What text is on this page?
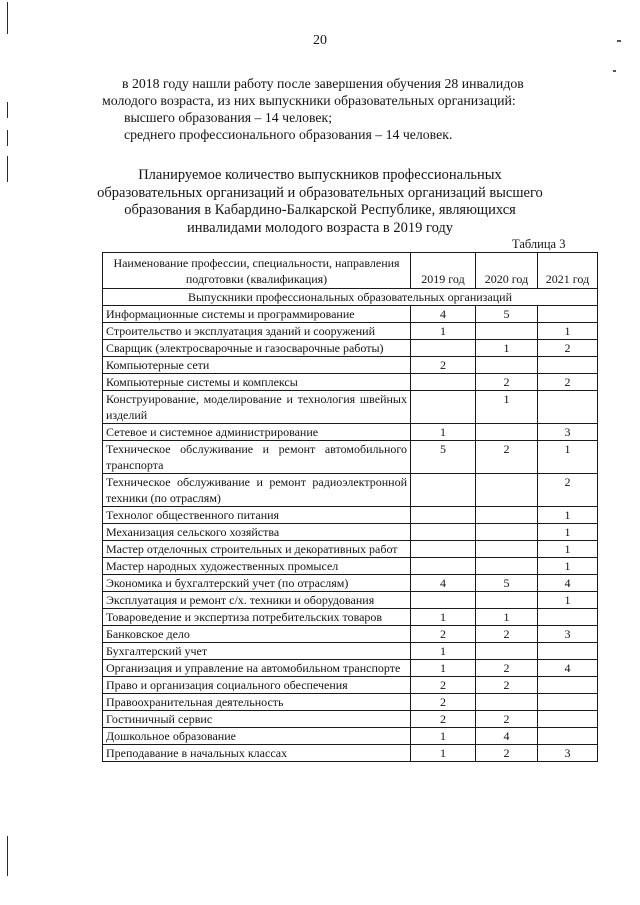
20

в 2018 году нашли работу после завершения обучения 28 инвалидов

молодого возраста, из них выпускники образовательных организаций:

высшего образования – 14 человек;

среднего профессионального образования – 14 человек.

Планируемое количество выпускников профессиональных
образовательных организаций и образовательных организаций высшего
образования в Кабардино-Балкарской Республике, являющихся
инвалидами молодого возраста в 2019 году
Таблица 3
Наименование профессии, специальности, направления подготовки (квалификация)	2019 год	2020 год	2021 год
Выпускники профессиональных образовательных организаций			
Информационные системы и программирование	4	5	
Строительство и эксплуатация зданий и сооружений	1		1
Сварщик (электросварочные и газосварочные работы)		1	2
Компьютерные сети	2		
Компьютерные системы и комплексы		2	2
Конструирование, моделирование и технология швейных изделий		1	
Сетевое и системное администрирование	1		3
Техническое обслуживание и ремонт автомобильного транспорта	5	2	1
Техническое обслуживание и ремонт радиоэлектронной техники (по отраслям)			2
Технолог общественного питания			1
Механизация сельского хозяйства			1
Мастер отделочных строительных и декоративных работ			1
Мастер народных художественных промысел			1
Экономика и бухгалтерский учет (по отраслям)	4	5	4
Эксплуатация и ремонт с/х. техники и оборудования			1
Товароведение и экспертиза потребительских товаров	1	1	
Банковское дело	2	2	3
Бухгалтерский учет	1		
Организация и управление на автомобильном транспорте	1	2	4
Право и организация социального обеспечения	2	2	
Правоохранительная деятельность	2		
Гостиничный сервис	2	2	
Дошкольное образование	1	4	
Преподавание в начальных классах	1	2	3
